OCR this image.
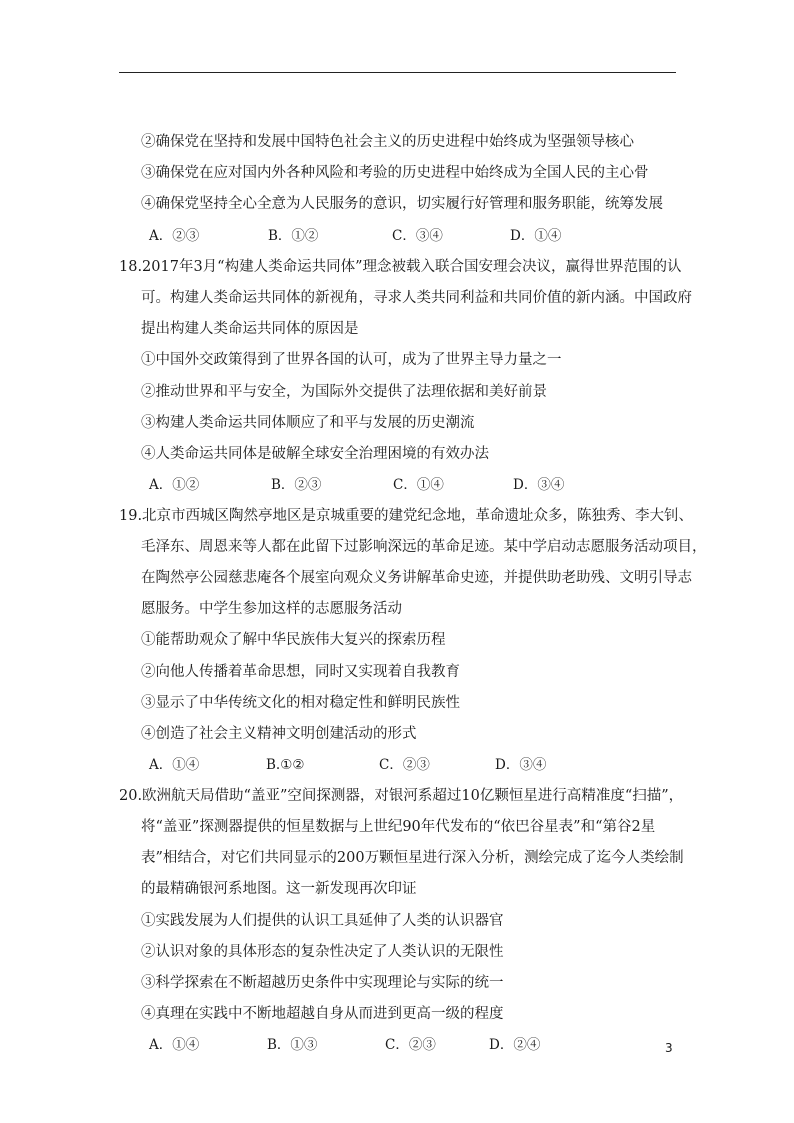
②确保党在坚持和发展中国特色社会主义的历史进程中始终成为坚强领导核心
③确保党在应对国内外各种风险和考验的历史进程中始终成为全国人民的主心骨
④确保党坚持全心全意为人民服务的意识，切实履行好管理和服务职能，统筹发展
A．②③	B．①②	C．③④	D．①④
18.2017年3月“构建人类命运共同体”理念被载入联合国安理会决议，赢得世界范围的认
可。构建人类命运共同体的新视角，寻求人类共同利益和共同价值的新内涵。中国政府
提出构建人类命运共同体的原因是
①中国外交政策得到了世界各国的认可，成为了世界主导力量之一
②推动世界和平与安全，为国际外交提供了法理依据和美好前景
③构建人类命运共同体顺应了和平与发展的历史潮流
④人类命运共同体是破解全球安全治理困境的有效办法
A．①②	B．②③	C．①④	D．③④
19.北京市西城区陶然亭地区是京城重要的建党纪念地，革命遗址众多，陈独秀、李大钊、
毛泽东、周恩来等人都在此留下过影响深远的革命足迹。某中学启动志愿服务活动项目，
在陶然亭公园慈悲庵各个展室向观众义务讲解革命史迹，并提供助老助残、文明引导志
愿服务。中学生参加这样的志愿服务活动
①能帮助观众了解中华民族伟大复兴的探索历程
②向他人传播着革命思想，同时又实现着自我教育
③显示了中华传统文化的相对稳定性和鲜明民族性
④创造了社会主义精神文明创建活动的形式
A．①④	B.①②	C．②③	D．③④
20.欧洲航天局借助“盖亚”空间探测器，对银河系超过10亿颗恒星进行高精准度“扫描”，
将“盖亚”探测器提供的恒星数据与上世纪90年代发布的“依巴谷星表”和“第谷2星
表”相结合，对它们共同显示的200万颗恒星进行深入分析，测绘完成了迄今人类绘制
的最精确银河系地图。这一新发现再次印证
①实践发展为人们提供的认识工具延伸了人类的认识器官
②认识对象的具体形态的复杂性决定了人类认识的无限性
③科学探索在不断超越历史条件中实现理论与实际的统一
④真理在实践中不断地超越自身从而进到更高一级的程度
A．①④	B．①③	C．②③	D．②④	3
